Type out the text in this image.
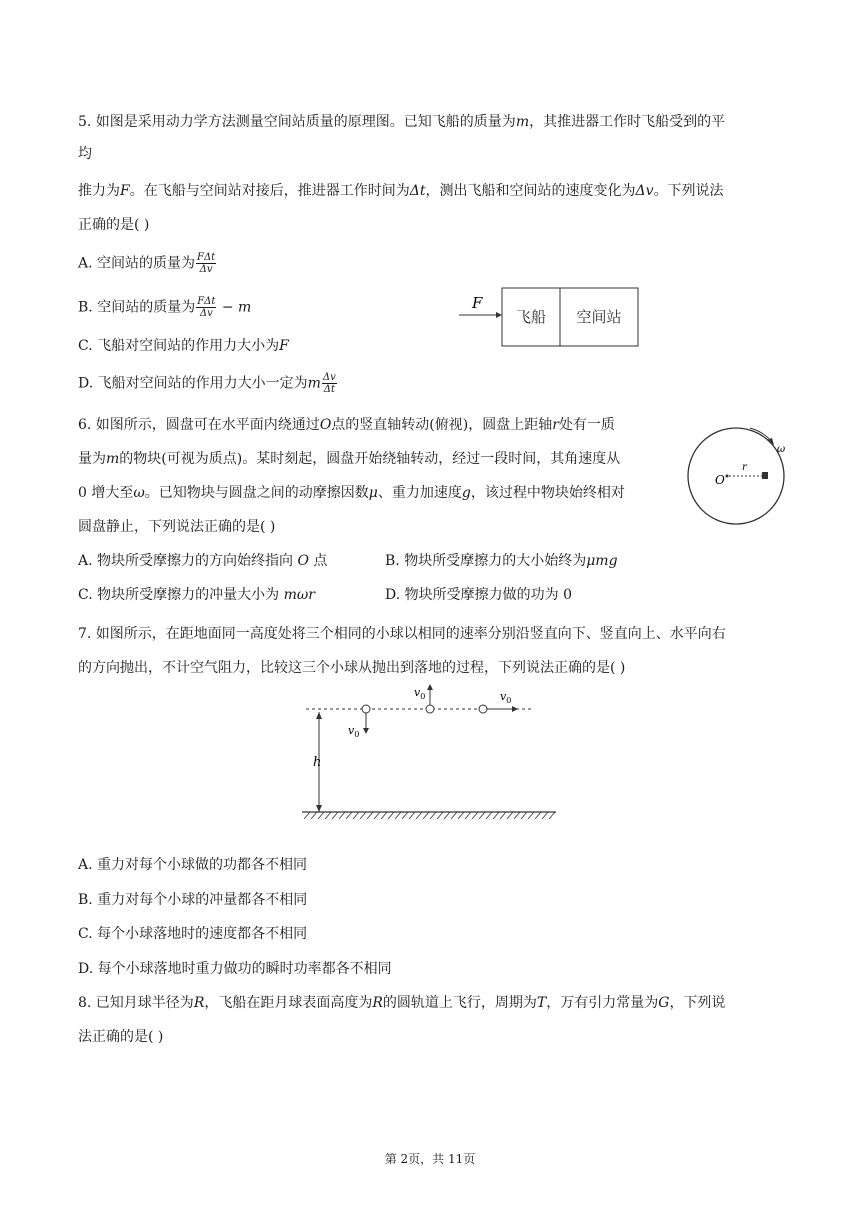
5. 如图是采用动力学方法测量空间站质量的原理图。已知飞船的质量为m，其推进器工作时飞船受到的平
均
推力为F。在飞船与空间站对接后，推进器工作时间为Δt，测出飞船和空间站的速度变化为Δv。下列说法
正确的是( )
A. 空间站的质量为 $\frac{\text{FΔt}}{\Delta v}$
B. 空间站的质量为 $\frac{\text{FΔt}}{\Delta v} - m$
C. 飞船对空间站的作用力大小为F
D. 飞船对空间站的作用力大小一定为m $\frac{\Delta v}{\Delta t}$
F
飞船 空间站
6. 如图所示，圆盘可在水平面内绕通过O点的竖直轴转动(俯视)，圆盘上距轴r处有一质
量为m的物块(可视为质点)。某时刻起，圆盘开始绕轴转动，经过一段时间，其角速度从
0 增大至ω。已知物块与圆盘之间的动摩擦因数μ、重力加速度g，该过程中物块始终相对
圆盘静止，下列说法正确的是( )
A. 物块所受摩擦力的方向始终指向 O 点	B. 物块所受摩擦力的大小始终为μmg
C. 物块所受摩擦力的冲量大小为 mωr	D. 物块所受摩擦力做的功为 0
ω
O
r
7. 如图所示，在距地面同一高度处将三个相同的小球以相同的速率分别沿竖直向下、竖直向上、水平向右
的方向抛出，不计空气阻力，比较这三个小球从抛出到落地的过程，下列说法正确的是( )
h
$v_0$
$v_0$	$v_0$
A. 重力对每个小球做的功都各不相同
B. 重力对每个小球的冲量都各不相同
C. 每个小球落地时的速度都各不相同
D. 每个小球落地时重力做功的瞬时功率都各不相同
8. 已知月球半径为R，飞船在距月球表面高度为R的圆轨道上飞行，周期为T，万有引力常量为G，下列说
法正确的是( )
第 2页，共 11页
